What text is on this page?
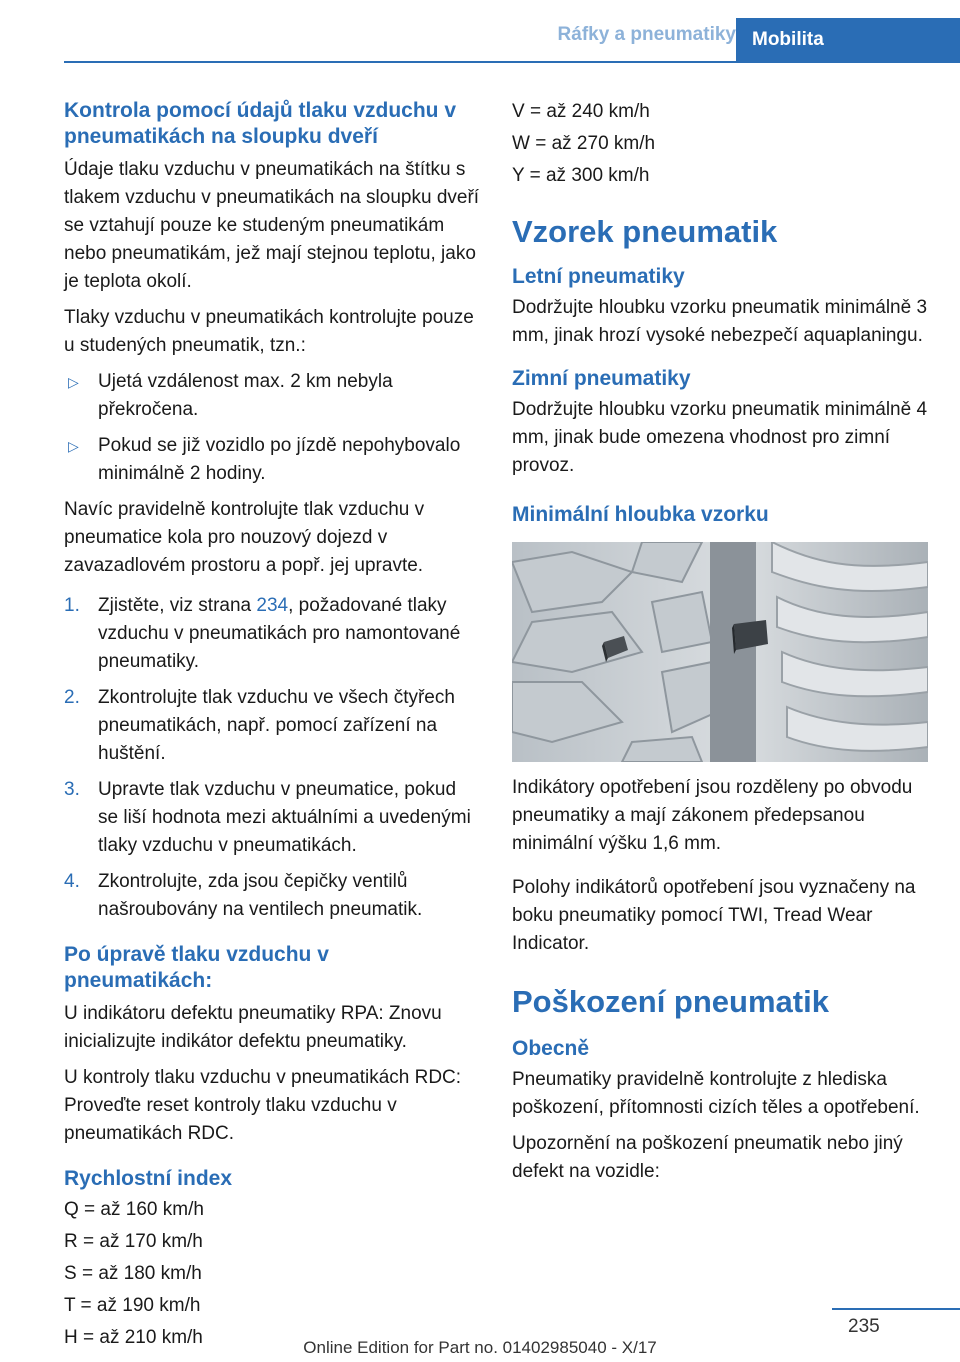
Ráfky a pneumatiky Mobilita
Kontrola pomocí údajů tlaku vzduchu v pneumatikách na sloupku dveří

Údaje tlaku vzduchu v pneumatikách na štítku s tlakem vzduchu v pneumatikách na sloupku dveří se vztahují pouze ke studeným pneumatikám nebo pneumatikám, jež mají stejnou teplotu, jako je teplota okolí.

Tlaky vzduchu v pneumatikách kontrolujte pouze u studených pneumatik, tzn.:

▷ Ujetá vzdálenost max. 2 km nebyla překročena.
▷ Pokud se již vozidlo po jízdě nepohybovalo minimálně 2 hodiny.

Navíc pravidelně kontrolujte tlak vzduchu v pneumatice kola pro nouzový dojezd v zavazadlovém prostoru a popř. jej upravte.

1. Zjistěte, viz strana 234, požadované tlaky vzduchu v pneumatikách pro namontované pneumatiky.
2. Zkontrolujte tlak vzduchu ve všech čtyřech pneumatikách, např. pomocí zařízení na huštění.
3. Upravte tlak vzduchu v pneumatice, pokud se liší hodnota mezi aktuálními a uvedenými tlaky vzduchu v pneumatikách.
4. Zkontrolujte, zda jsou čepičky ventilů našroubovány na ventilech pneumatik.
Po úpravě tlaku vzduchu v pneumatikách:

U indikátoru defektu pneumatiky RPA: Znovu inicializujte indikátor defektu pneumatiky.

U kontroly tlaku vzduchu v pneumatikách RDC: Proveďte reset kontroly tlaku vzduchu v pneumatikách RDC.

Rychlostní index

Q = až 160 km/h

R = až 170 km/h

S = až 180 km/h

T = až 190 km/h

H = až 210 km/h

V = až 240 km/h

W = až 270 km/h

Y = až 300 km/h

Vzorek pneumatik
Letní pneumatiky

Dodržujte hloubku vzorku pneumatik minimálně 3 mm, jinak hrozí vysoké nebezpečí aquaplaningu.

Zimní pneumatiky

Dodržujte hloubku vzorku pneumatik minimálně 4 mm, jinak bude omezena vhodnost pro zimní provoz.

Minimální hloubka vzorku

Indikátory opotřebení jsou rozděleny po obvodu pneumatiky a mají zákonem předepsanou minimální výšku 1,6 mm.

Polohy indikátorů opotřebení jsou vyznačeny na boku pneumatiky pomocí TWI, Tread Wear Indicator.

Poškození pneumatik
Obecně

Pneumatiky pravidelně kontrolujte z hlediska poškození, přítomnosti cizích těles a opotřebení.

Upozornění na poškození pneumatik nebo jiný defekt na vozidle:

235
Online Edition for Part no. 01402985040 - X/17
